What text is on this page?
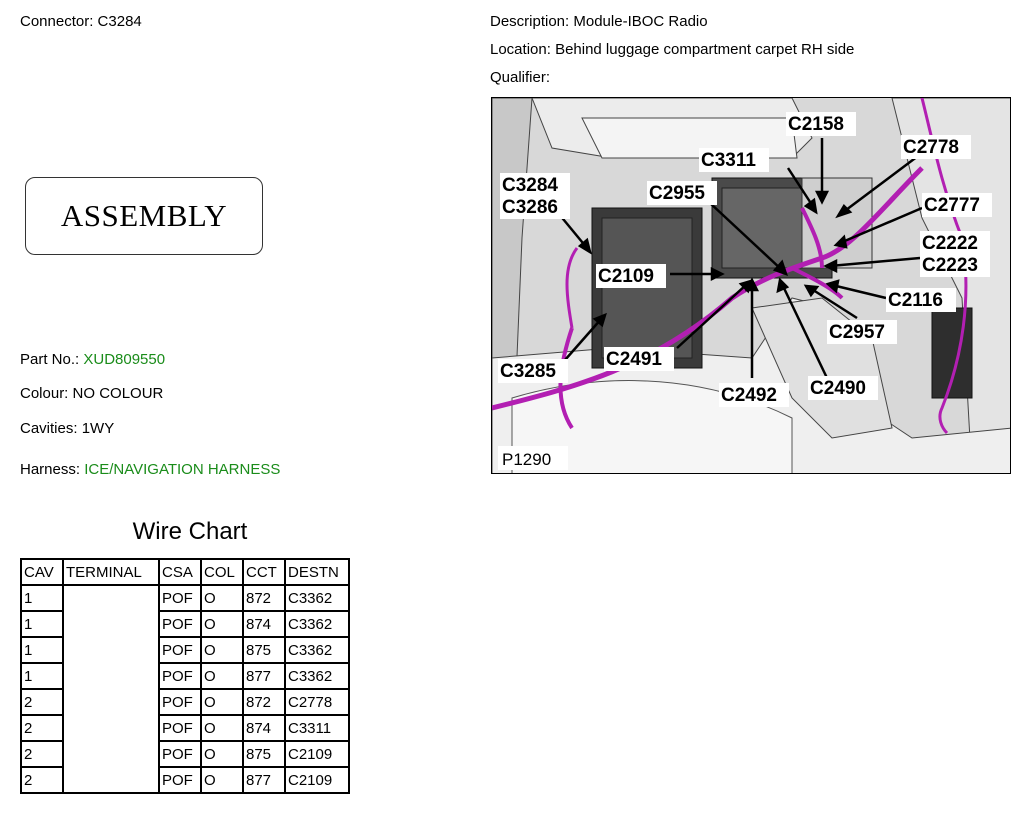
Connector: C3284	Description: Module-IBOC Radio
Location: Behind luggage compartment carpet RH side
Qualifier:
ASSEMBLY
Part No.: XUD809550
Colour: NO COLOUR
Cavities: 1WY
Harness: ICE/NAVIGATION HARNESS
Wire Chart
CAV	TERMINAL	CSA	COL	CCT	DESTN
1		POF	O	872	C3362
1		POF	O	874	C3362
1		POF	O	875	C3362
1		POF	O	877	C3362
2		POF	O	872	C2778
2		POF	O	874	C3311
2		POF	O	875	C2109
2		POF	O	877	C2109
C2158
C3311
C2778
C3284
C3286
C2955
C2777
C2222
C2223
C2109
C2116
C2957
C2491
C3285
C2492 C2490
P1290
